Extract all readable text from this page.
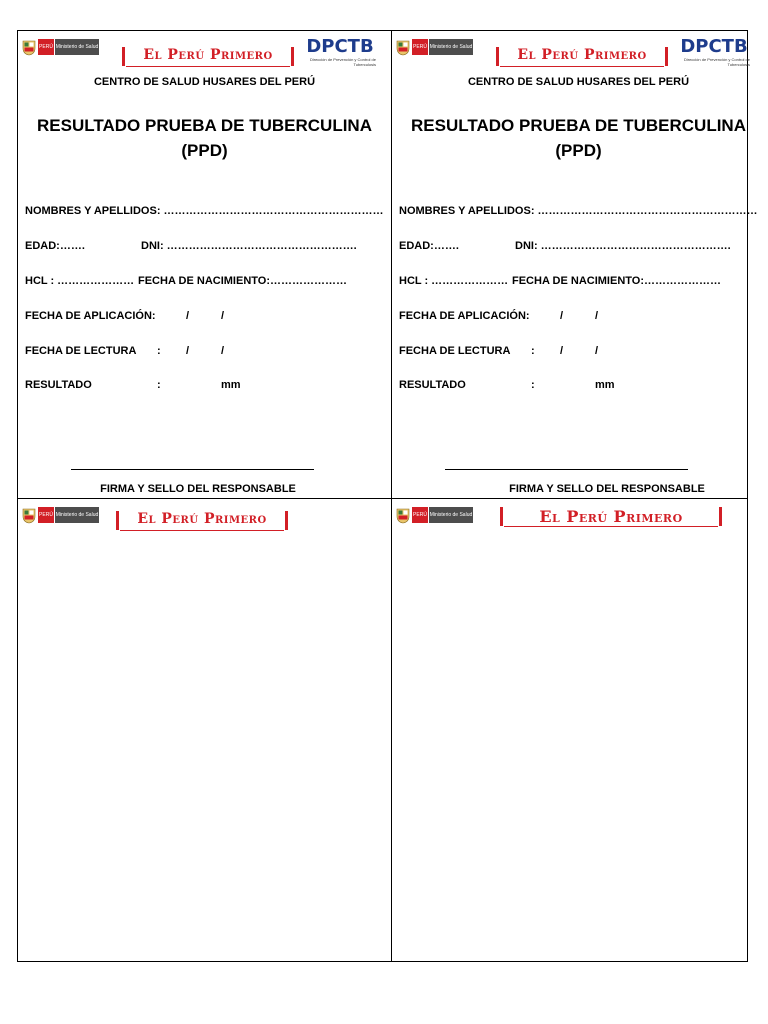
PERÚ Ministerio de Salud	El Perú Primero	DPCTB
Dirección de Prevención y Control de Tuberculosis
CENTRO DE SALUD HUSARES DEL PERÚ
RESULTADO PRUEBA DE TUBERCULINA
(PPD)
NOMBRES Y APELLIDOS: ……………………………………………………
EDAD:…….	DNI: …………………………………………….
HCL : ………………… FECHA DE NACIMIENTO:…………………
FECHA DE APLICACIÓN:	/	/
FECHA DE LECTURA : /	/
RESULTADO	:	mm
FIRMA Y SELLO DEL RESPONSABLE
PERÚ Ministerio de Salud	El Perú Primero	DPCTB
Dirección de Prevención y Control de Tuberculosis
CENTRO DE SALUD HUSARES DEL PERÚ
RESULTADO PRUEBA DE TUBERCULINA
(PPD)
NOMBRES Y APELLIDOS: ……………………………………………………
EDAD:…….	DNI: …………………………………………….
HCL : ………………… FECHA DE NACIMIENTO:…………………
FECHA DE APLICACIÓN:	/	/
FECHA DE LECTURA : /	/
RESULTADO	:	mm
FIRMA Y SELLO DEL RESPONSABLE
PERÚ Ministerio de Salud	El Perú Primero	PERÚ Ministerio de Salud	El Perú Primero
